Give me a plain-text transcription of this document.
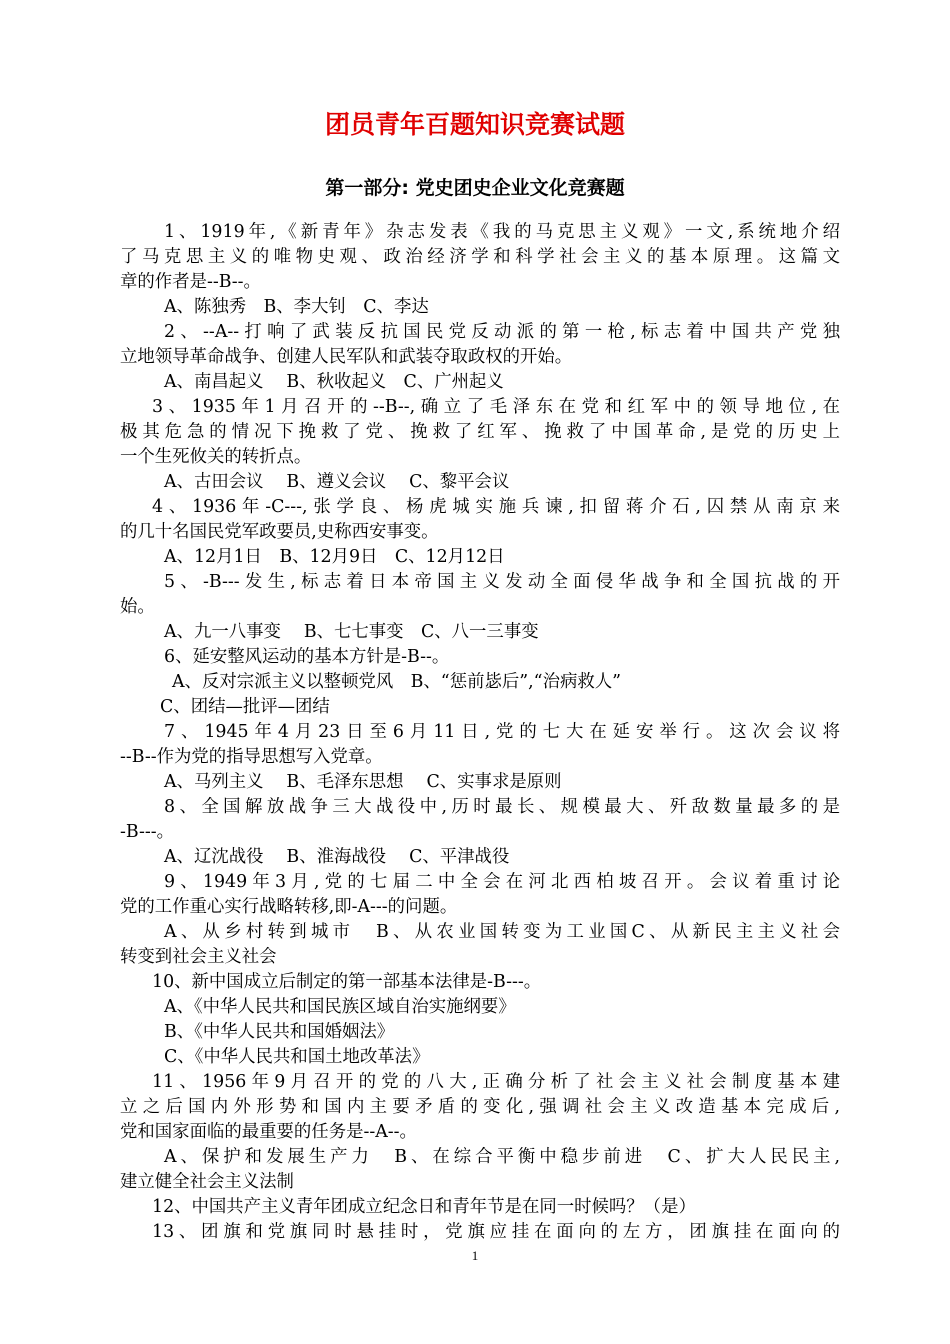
团员青年百题知识竞赛试题
第一部分: 党史团史企业文化竞赛题
1、1919年,《新青年》杂志发表《我的马克思主义观》一文,系统地介绍
了马克思主义的唯物史观、政治经济学和科学社会主义的基本原理。这篇文
章的作者是--B--。
A、陈独秀　B、李大钊　C、李达
2、--A--打响了武装反抗国民党反动派的第一枪,标志着中国共产党独
立地领导革命战争、创建人民军队和武装夺取政权的开始。
A、南昌起义　 B、秋收起义　C、广州起义
3、1935年1月召开的--B--,确立了毛泽东在党和红军中的领导地位,在
极其危急的情况下挽救了党、挽救了红军、挽救了中国革命,是党的历史上
一个生死攸关的转折点。
A、古田会议　 B、遵义会议　 C、黎平会议
4、1936年-C---,张学良、杨虎城实施兵谏,扣留蒋介石,囚禁从南京来
的几十名国民党军政要员,史称西安事变。
A、12月1日　B、12月9日　C、12月12日
5、-B---发生,标志着日本帝国主义发动全面侵华战争和全国抗战的开
始。
A、九一八事变　 B、七七事变　C、八一三事变
6、延安整风运动的基本方针是-B--。
A、反对宗派主义以整顿党风　B、“惩前毖后”,“治病救人”
C、团结—批评—团结
7、1945年4月23日至6月11日,党的七大在延安举行。这次会议将
--B--作为党的指导思想写入党章。
A、马列主义　 B、毛泽东思想　 C、实事求是原则
8、全国解放战争三大战役中,历时最长、规模最大、歼敌数量最多的是
-B---。
A、辽沈战役　 B、淮海战役　 C、平津战役
9、1949年3月,党的七届二中全会在河北西柏坡召开。会议着重讨论
党的工作重心实行战略转移,即-A---的问题。
A、从乡村转到城市　B、从农业国转变为工业国C、从新民主主义社会
转变到社会主义社会
10、新中国成立后制定的第一部基本法律是-B---。
A、《中华人民共和国民族区域自治实施纲要》
B、《中华人民共和国婚姻法》
C、《中华人民共和国土地改革法》
11、1956年9月召开的党的八大,正确分析了社会主义社会制度基本建
立之后国内外形势和国内主要矛盾的变化,强调社会主义改造基本完成后,
党和国家面临的最重要的任务是--A--。
A、保护和发展生产力　B、在综合平衡中稳步前进　C、扩大人民民主,
建立健全社会主义法制
12、中国共产主义青年团成立纪念日和青年节是在同一时候吗？（是）
13、团旗和党旗同时悬挂时，党旗应挂在面向的左方，团旗挂在面向的
1
